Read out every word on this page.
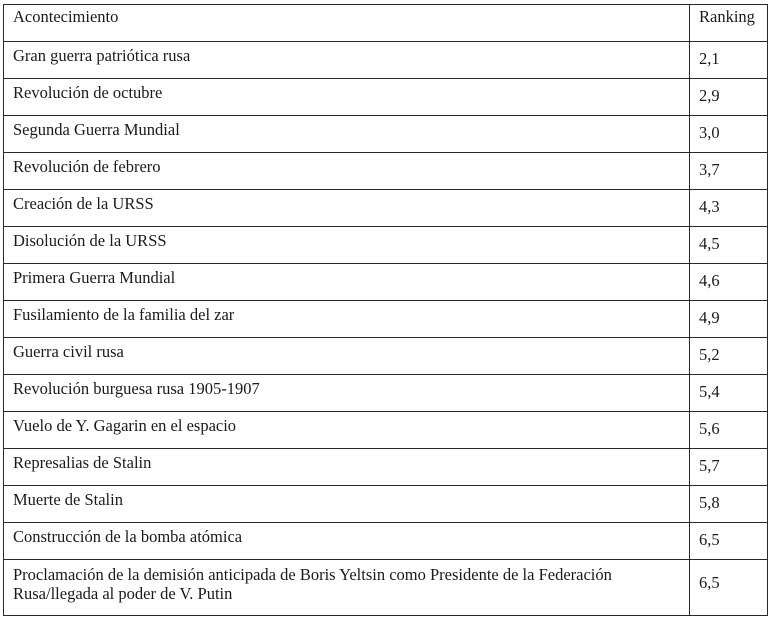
Acontecimiento	Ranking
Gran guerra patriótica rusa	2,1
Revolución de octubre	2,9
Segunda Guerra Mundial	3,0
Revolución de febrero	3,7
Creación de la URSS	4,3
Disolución de la URSS	4,5
Primera Guerra Mundial	4,6
Fusilamiento de la familia del zar	4,9
Guerra civil rusa	5,2
Revolución burguesa rusa 1905-1907	5,4
Vuelo de Y. Gagarin en el espacio	5,6
Represalias de Stalin	5,7
Muerte de Stalin	5,8
Construcción de la bomba atómica	6,5
Proclamación de la demisión anticipada de Boris Yeltsin como Presidente de la Federación Rusa/llegada al poder de V. Putin	6,5
